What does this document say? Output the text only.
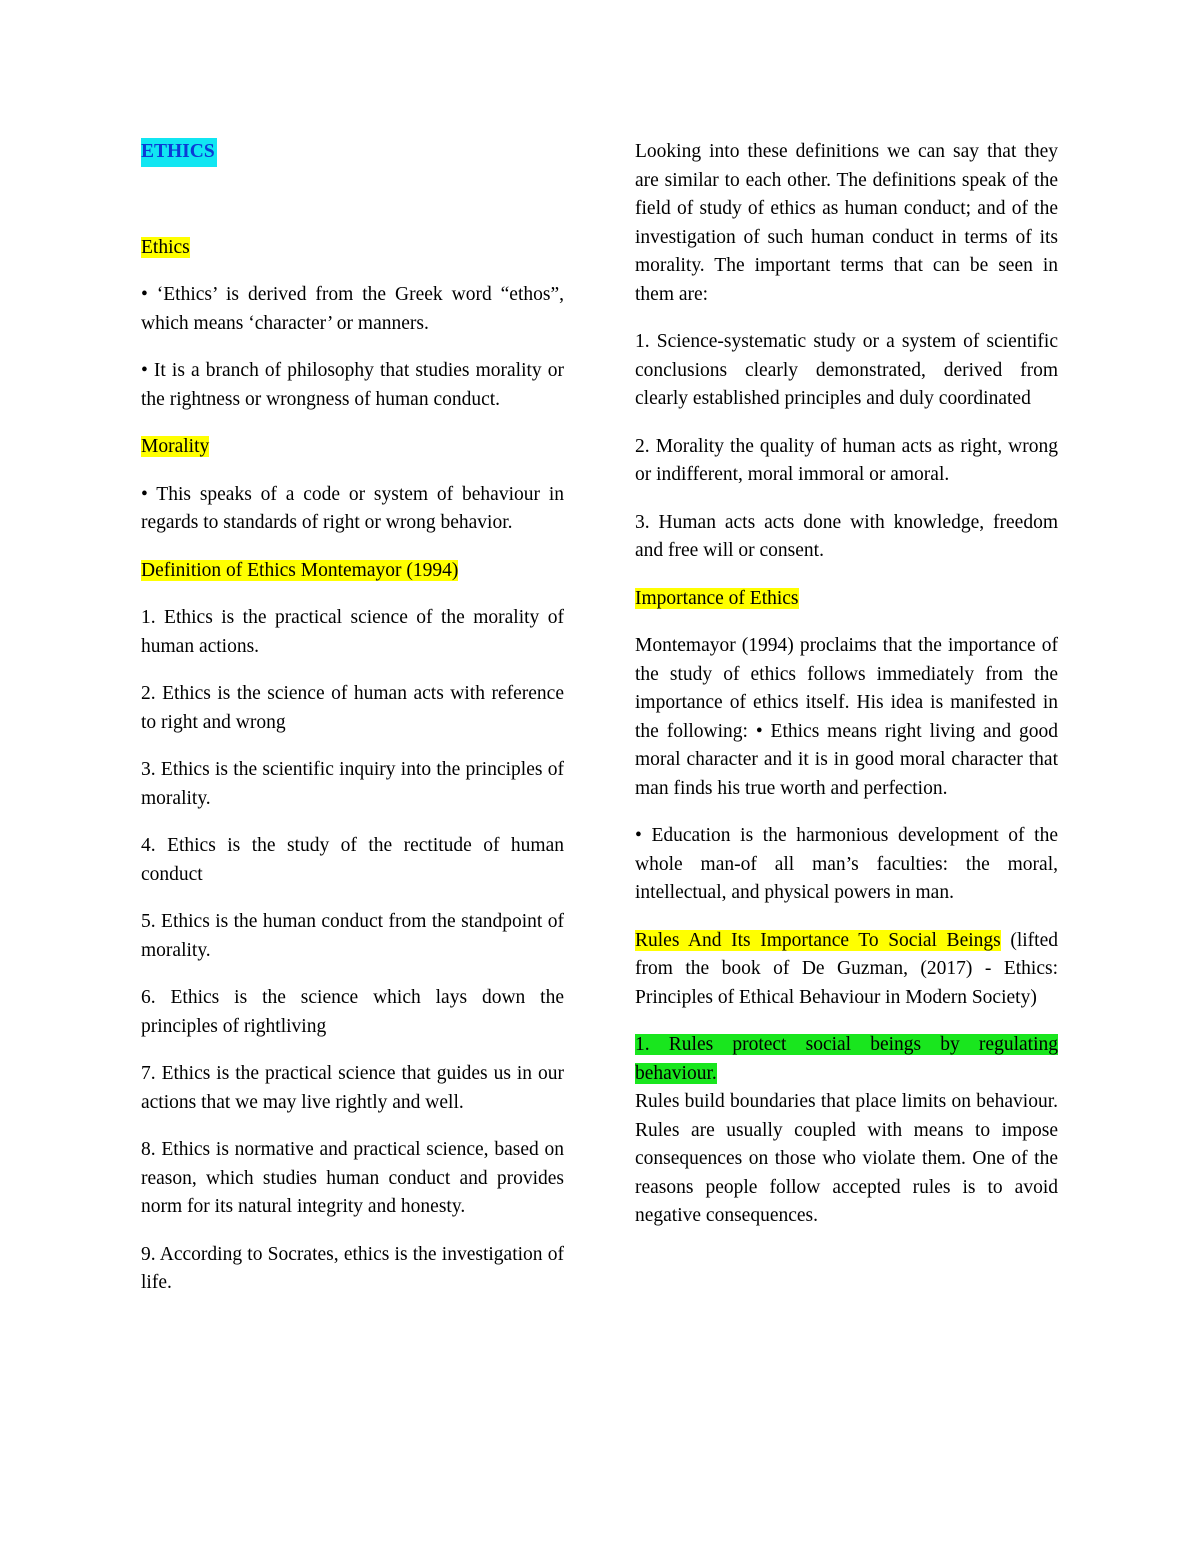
ETHICS
Ethics

• ‘Ethics’ is derived from the Greek word “ethos”, which means ‘character’ or manners.

• It is a branch of philosophy that studies morality or the rightness or wrongness of human conduct.

Morality

• This speaks of a code or system of behaviour in regards to standards of right or wrong behavior.

Definition of Ethics Montemayor (1994)

1. Ethics is the practical science of the morality of human actions.

2. Ethics is the science of human acts with reference to right and wrong

3. Ethics is the scientific inquiry into the principles of morality.

4. Ethics is the study of the rectitude of human conduct

5. Ethics is the human conduct from the standpoint of morality.

6. Ethics is the science which lays down the principles of rightliving

7. Ethics is the practical science that guides us in our actions that we may live rightly and well.

8. Ethics is normative and practical science, based on reason, which studies human conduct and provides norm for its natural integrity and honesty.

9. According to Socrates, ethics is the investigation of life.

Looking into these definitions we can say that they are similar to each other. The definitions speak of the field of study of ethics as human conduct; and of the investigation of such human conduct in terms of its morality. The important terms that can be seen in them are:

1. Science-systematic study or a system of scientific conclusions clearly demonstrated, derived from clearly established principles and duly coordinated

2. Morality the quality of human acts as right, wrong or indifferent, moral immoral or amoral.

3. Human acts acts done with knowledge, freedom and free will or consent.

Importance of Ethics

Montemayor (1994) proclaims that the importance of the study of ethics follows immediately from the importance of ethics itself. His idea is manifested in the following: • Ethics means right living and good moral character and it is in good moral character that man finds his true worth and perfection.

• Education is the harmonious development of the whole man-of all man’s faculties: the moral, intellectual, and physical powers in man.

Rules And Its Importance To Social Beings (lifted from the book of De Guzman, (2017) - Ethics: Principles of Ethical Behaviour in Modern Society)

1. Rules protect social beings by regulating behaviour.

Rules build boundaries that place limits on behaviour. Rules are usually coupled with means to impose consequences on those who violate them. One of the reasons people follow accepted rules is to avoid negative consequences.
